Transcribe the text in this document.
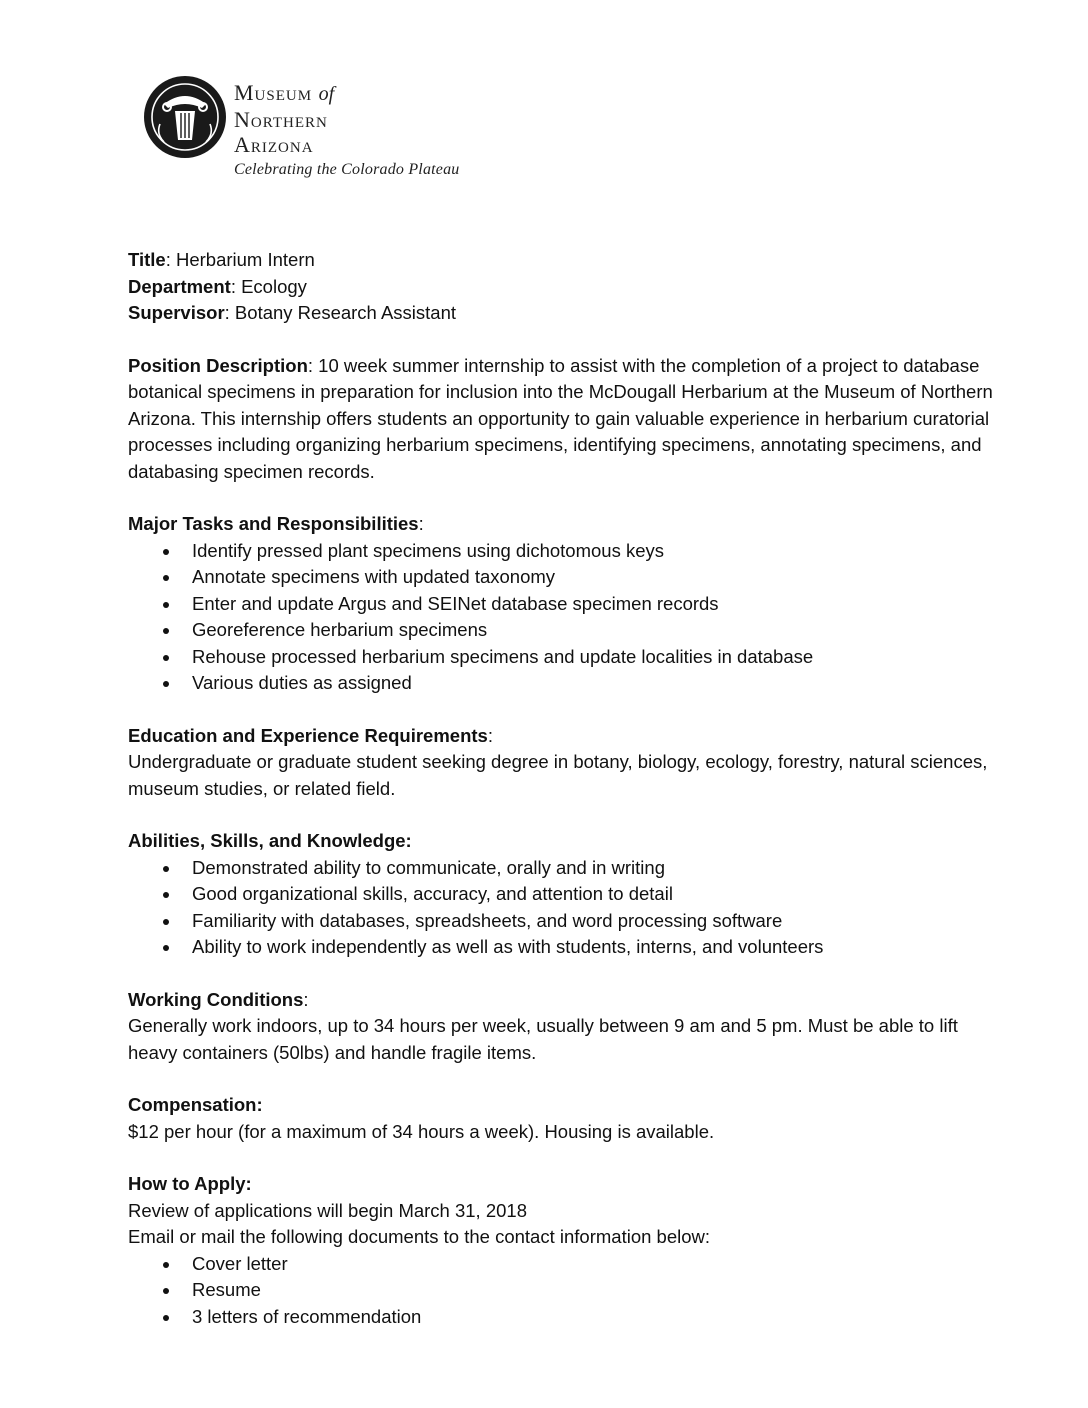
Museum of
Northern
Arizona
Celebrating the Colorado Plateau

Title: Herbarium Intern

Department: Ecology

Supervisor: Botany Research Assistant

Position Description: 10 week summer internship to assist with the completion of a project to database botanical specimens in preparation for inclusion into the McDougall Herbarium at the Museum of Northern Arizona. This internship offers students an opportunity to gain valuable experience in herbarium curatorial processes including organizing herbarium specimens, identifying specimens, annotating specimens, and databasing specimen records.

Major Tasks and Responsibilities:

Identify pressed plant specimens using dichotomous keys
Annotate specimens with updated taxonomy
Enter and update Argus and SEINet database specimen records
Georeference herbarium specimens
Rehouse processed herbarium specimens and update localities in database
Various duties as assigned

Education and Experience Requirements:

Undergraduate or graduate student seeking degree in botany, biology, ecology, forestry, natural sciences, museum studies, or related field.

Abilities, Skills, and Knowledge:

Demonstrated ability to communicate, orally and in writing
Good organizational skills, accuracy, and attention to detail
Familiarity with databases, spreadsheets, and word processing software
Ability to work independently as well as with students, interns, and volunteers

Working Conditions:

Generally work indoors, up to 34 hours per week, usually between 9 am and 5 pm. Must be able to lift heavy containers (50lbs) and handle fragile items.

Compensation:

$12 per hour (for a maximum of 34 hours a week). Housing is available.

How to Apply:

Review of applications will begin March 31, 2018

Email or mail the following documents to the contact information below:

Cover letter
Resume
3 letters of recommendation
